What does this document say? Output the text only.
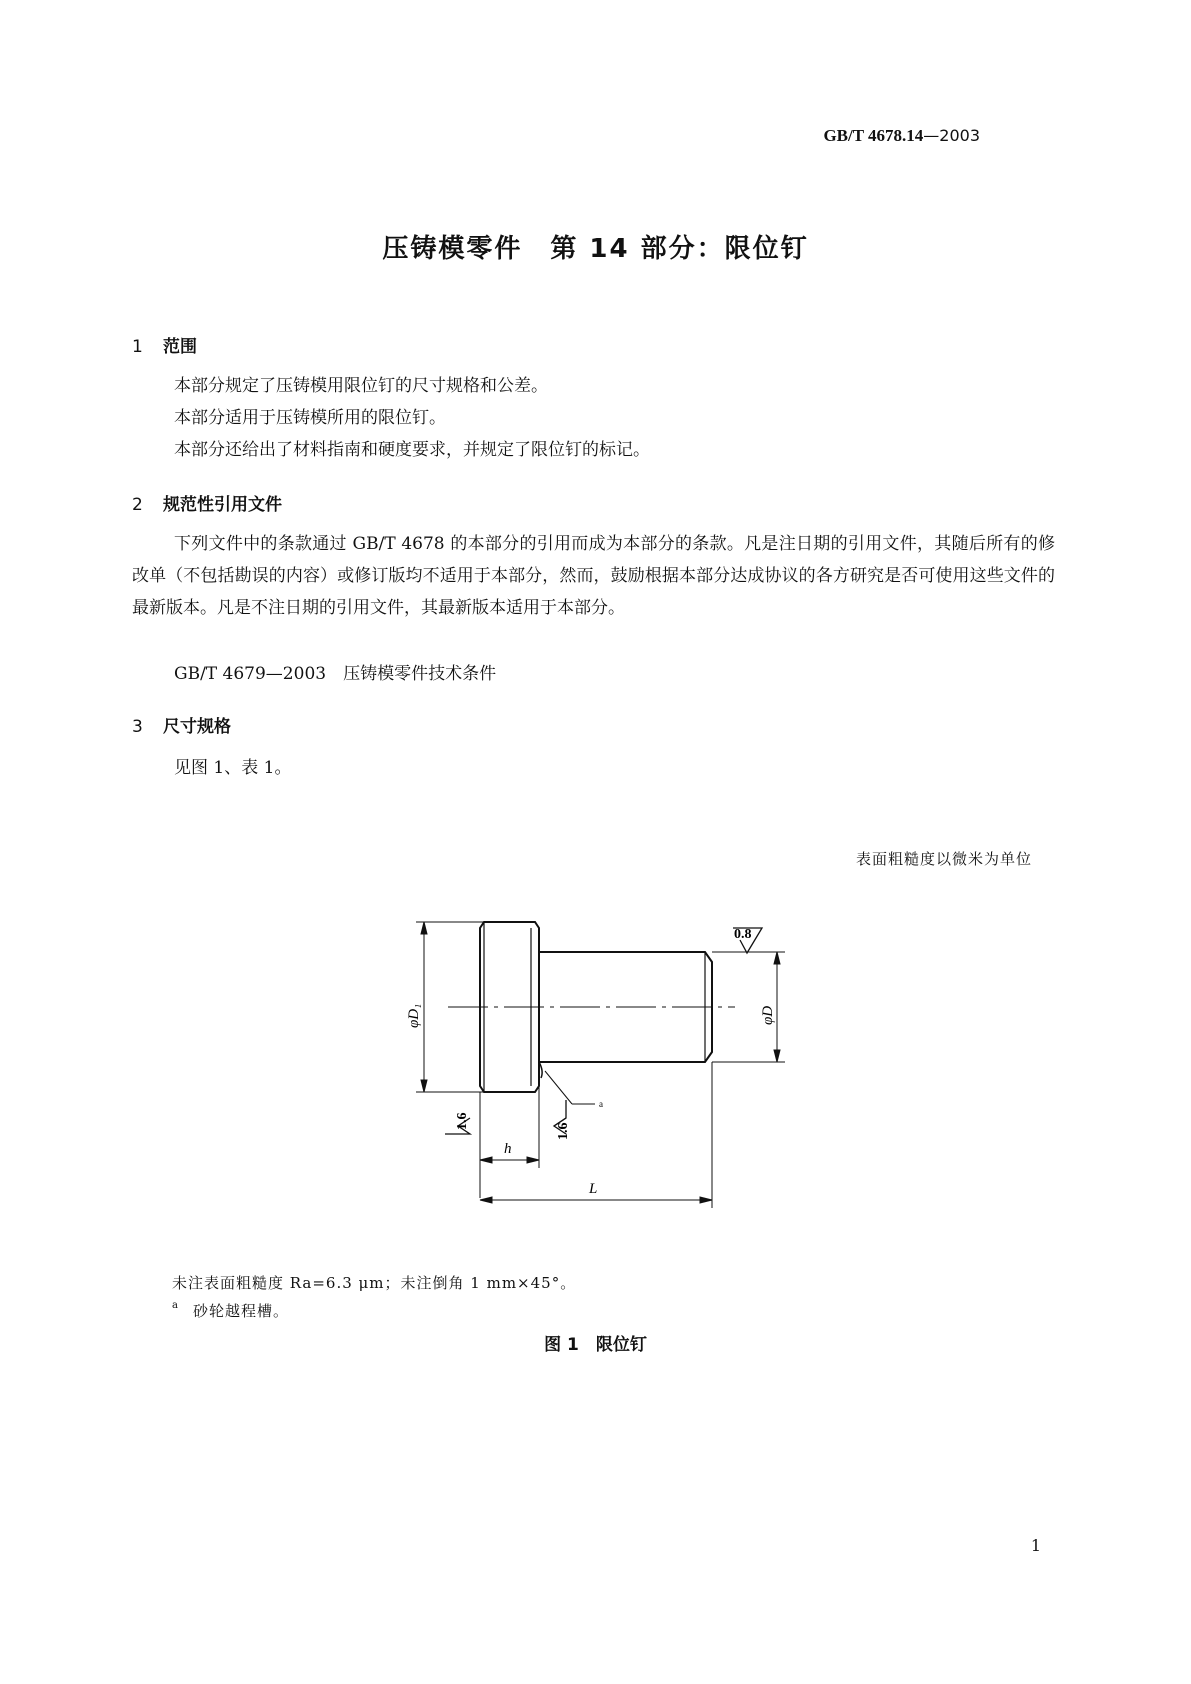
GB/T 4678.14—2003
压铸模零件　第 14 部分：限位钉
1 范围
本部分规定了压铸模用限位钉的尺寸规格和公差。
本部分适用于压铸模所用的限位钉。
本部分还给出了材料指南和硬度要求，并规定了限位钉的标记。
2 规范性引用文件
下列文件中的条款通过 GB/T 4678 的本部分的引用而成为本部分的条款。凡是注日期的引用文件，其随后所有的修改单（不包括勘误的内容）或修订版均不适用于本部分，然而，鼓励根据本部分达成协议的各方研究是否可使用这些文件的最新版本。凡是不注日期的引用文件，其最新版本适用于本部分。
GB/T 4679—2003　压铸模零件技术条件
3 尺寸规格
见图 1、表 1。
表面粗糙度以微米为单位
0.8
1.6
1.6
φD₁	φD
h
L
a
未注表面粗糙度 Ra=6.3 μm；未注倒角 1 mm×45°。
$^a$ 砂轮越程槽。
图 1　限位钉
1
